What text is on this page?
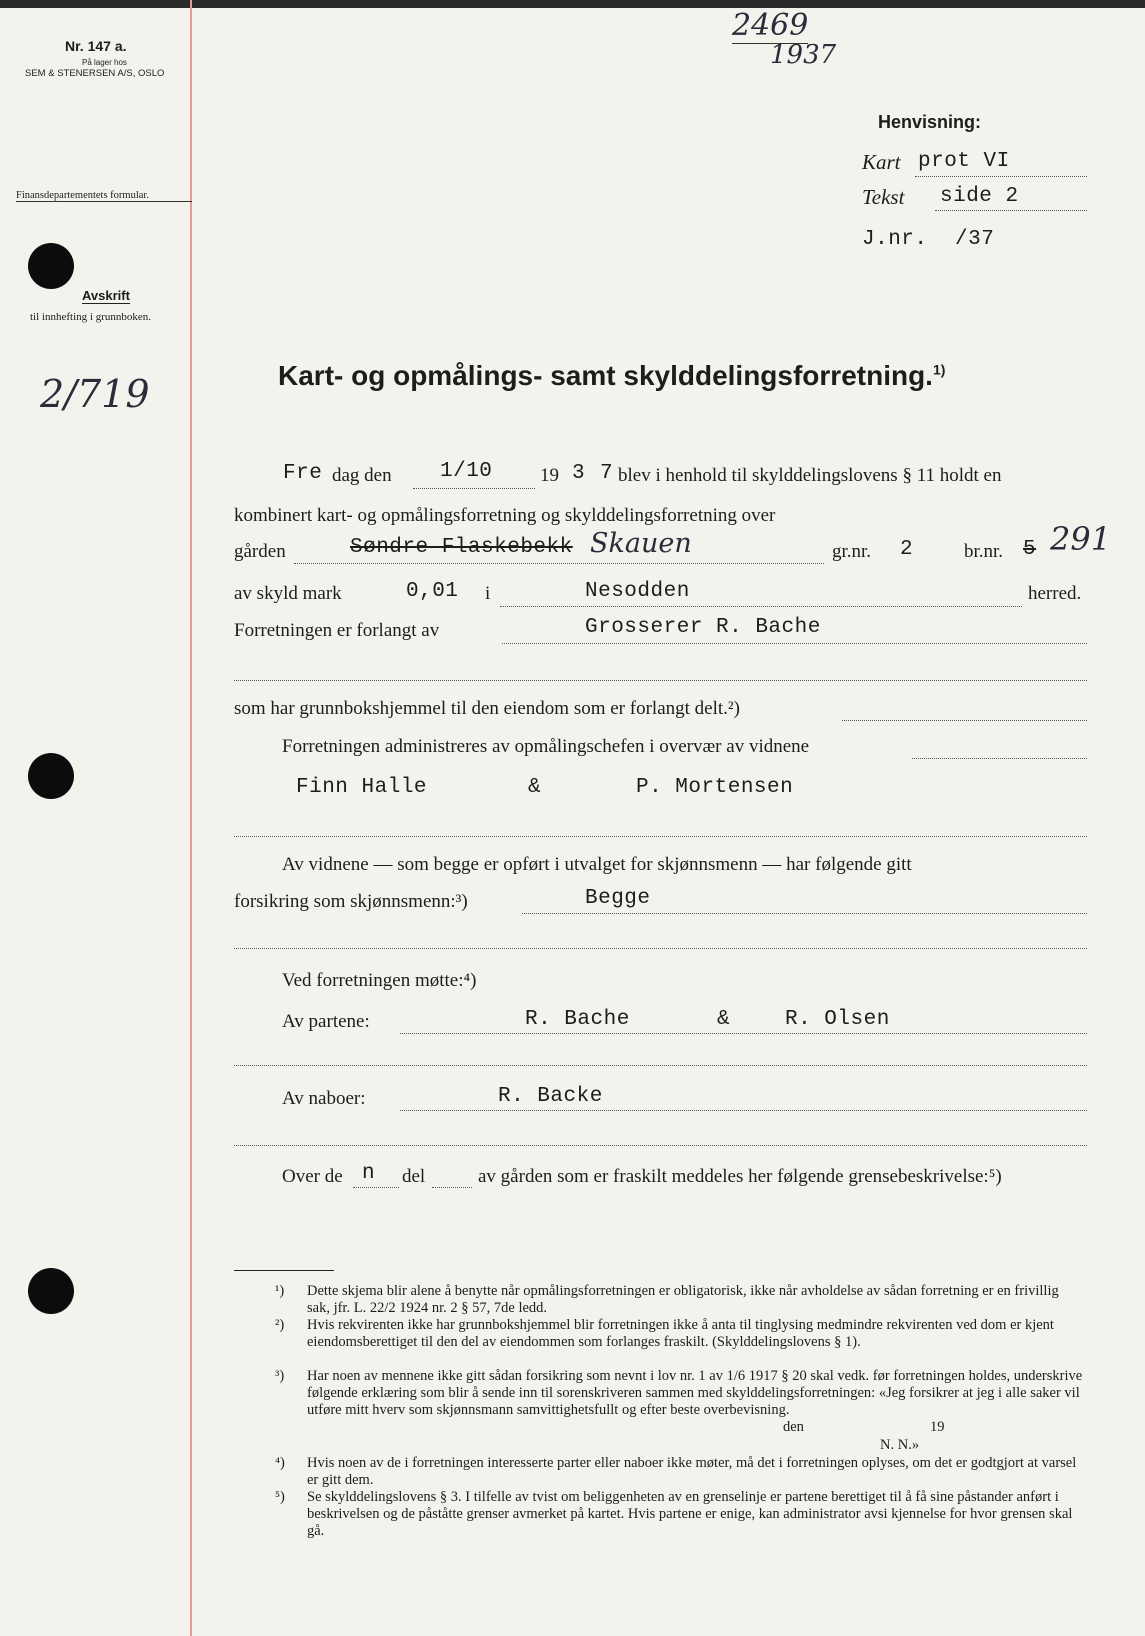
Nr. 147 a.
På lager hos
SEM & STENERSEN A/S, OSLO
Finansdepartementets formular.
Avskrift
til innhefting i grunnboken.
2/719
2469
1937
Henvisning:
Kart prot VI
Tekst side 2
J.nr. /37
Kart- og opmålings- samt skylddelingsforretning.$^{1)}$
Fre dag den 1/10	19 3 7 blev i henhold til skylddelingslovens § 11 holdt en
kombinert kart- og opmålingsforretning og skylddelingsforretning over
gården	Søndre Flaskebekk Skauen	gr.nr. 2	br.nr. 5 291
av skyld mark	0,01 i	Nesodden	herred.
Forretningen er forlangt av	Grosserer R. Bache
som har grunnbokshjemmel til den eiendom som er forlangt delt.²)
Forretningen administreres av opmålingschefen i overvær av vidnene
Finn Halle	&	P. Mortensen
Av vidnene — som begge er opført i utvalget for skjønnsmenn — har følgende gitt
forsikring som skjønnsmenn:³)	Begge
Ved forretningen møtte:⁴)
Av partene:	R. Bache	&	R. Olsen
Av naboer:	R. Backe
Over de n del	av gården som er fraskilt meddeles her følgende grensebeskrivelse:⁵)
¹) Dette skjema blir alene å benytte når opmålingsforretningen er obligatorisk, ikke når avholdelse av sådan forretning er en frivillig sak, jfr. L. 22/2 1924 nr. 2 § 57, 7de ledd.
²) Hvis rekvirenten ikke har grunnbokshjemmel blir forretningen ikke å anta til tinglysing medmindre rekvirenten ved dom er kjent eiendomsberettiget til den del av eiendommen som forlanges fraskilt. (Skylddelingslovens § 1).
³) Har noen av mennene ikke gitt sådan forsikring som nevnt i lov nr. 1 av 1/6 1917 § 20 skal vedk. før forretningen holdes, underskrive følgende erklæring som blir å sende inn til sorenskriveren sammen med skylddelingsforretningen: «Jeg forsikrer at jeg i alle saker vil utføre mitt hverv som skjønnsmann samvittighetsfullt og efter beste overbevisning.
den	19
N. N.»
⁴) Hvis noen av de i forretningen interesserte parter eller naboer ikke møter, må det i forretningen oplyses, om det er godtgjort at varsel er gitt dem.
⁵) Se skylddelingslovens § 3. I tilfelle av tvist om beliggenheten av en grenselinje er partene berettiget til å få sine påstander anført i beskrivelsen og de påståtte grenser avmerket på kartet. Hvis partene er enige, kan administrator avsi kjennelse for hvor grensen skal gå.
